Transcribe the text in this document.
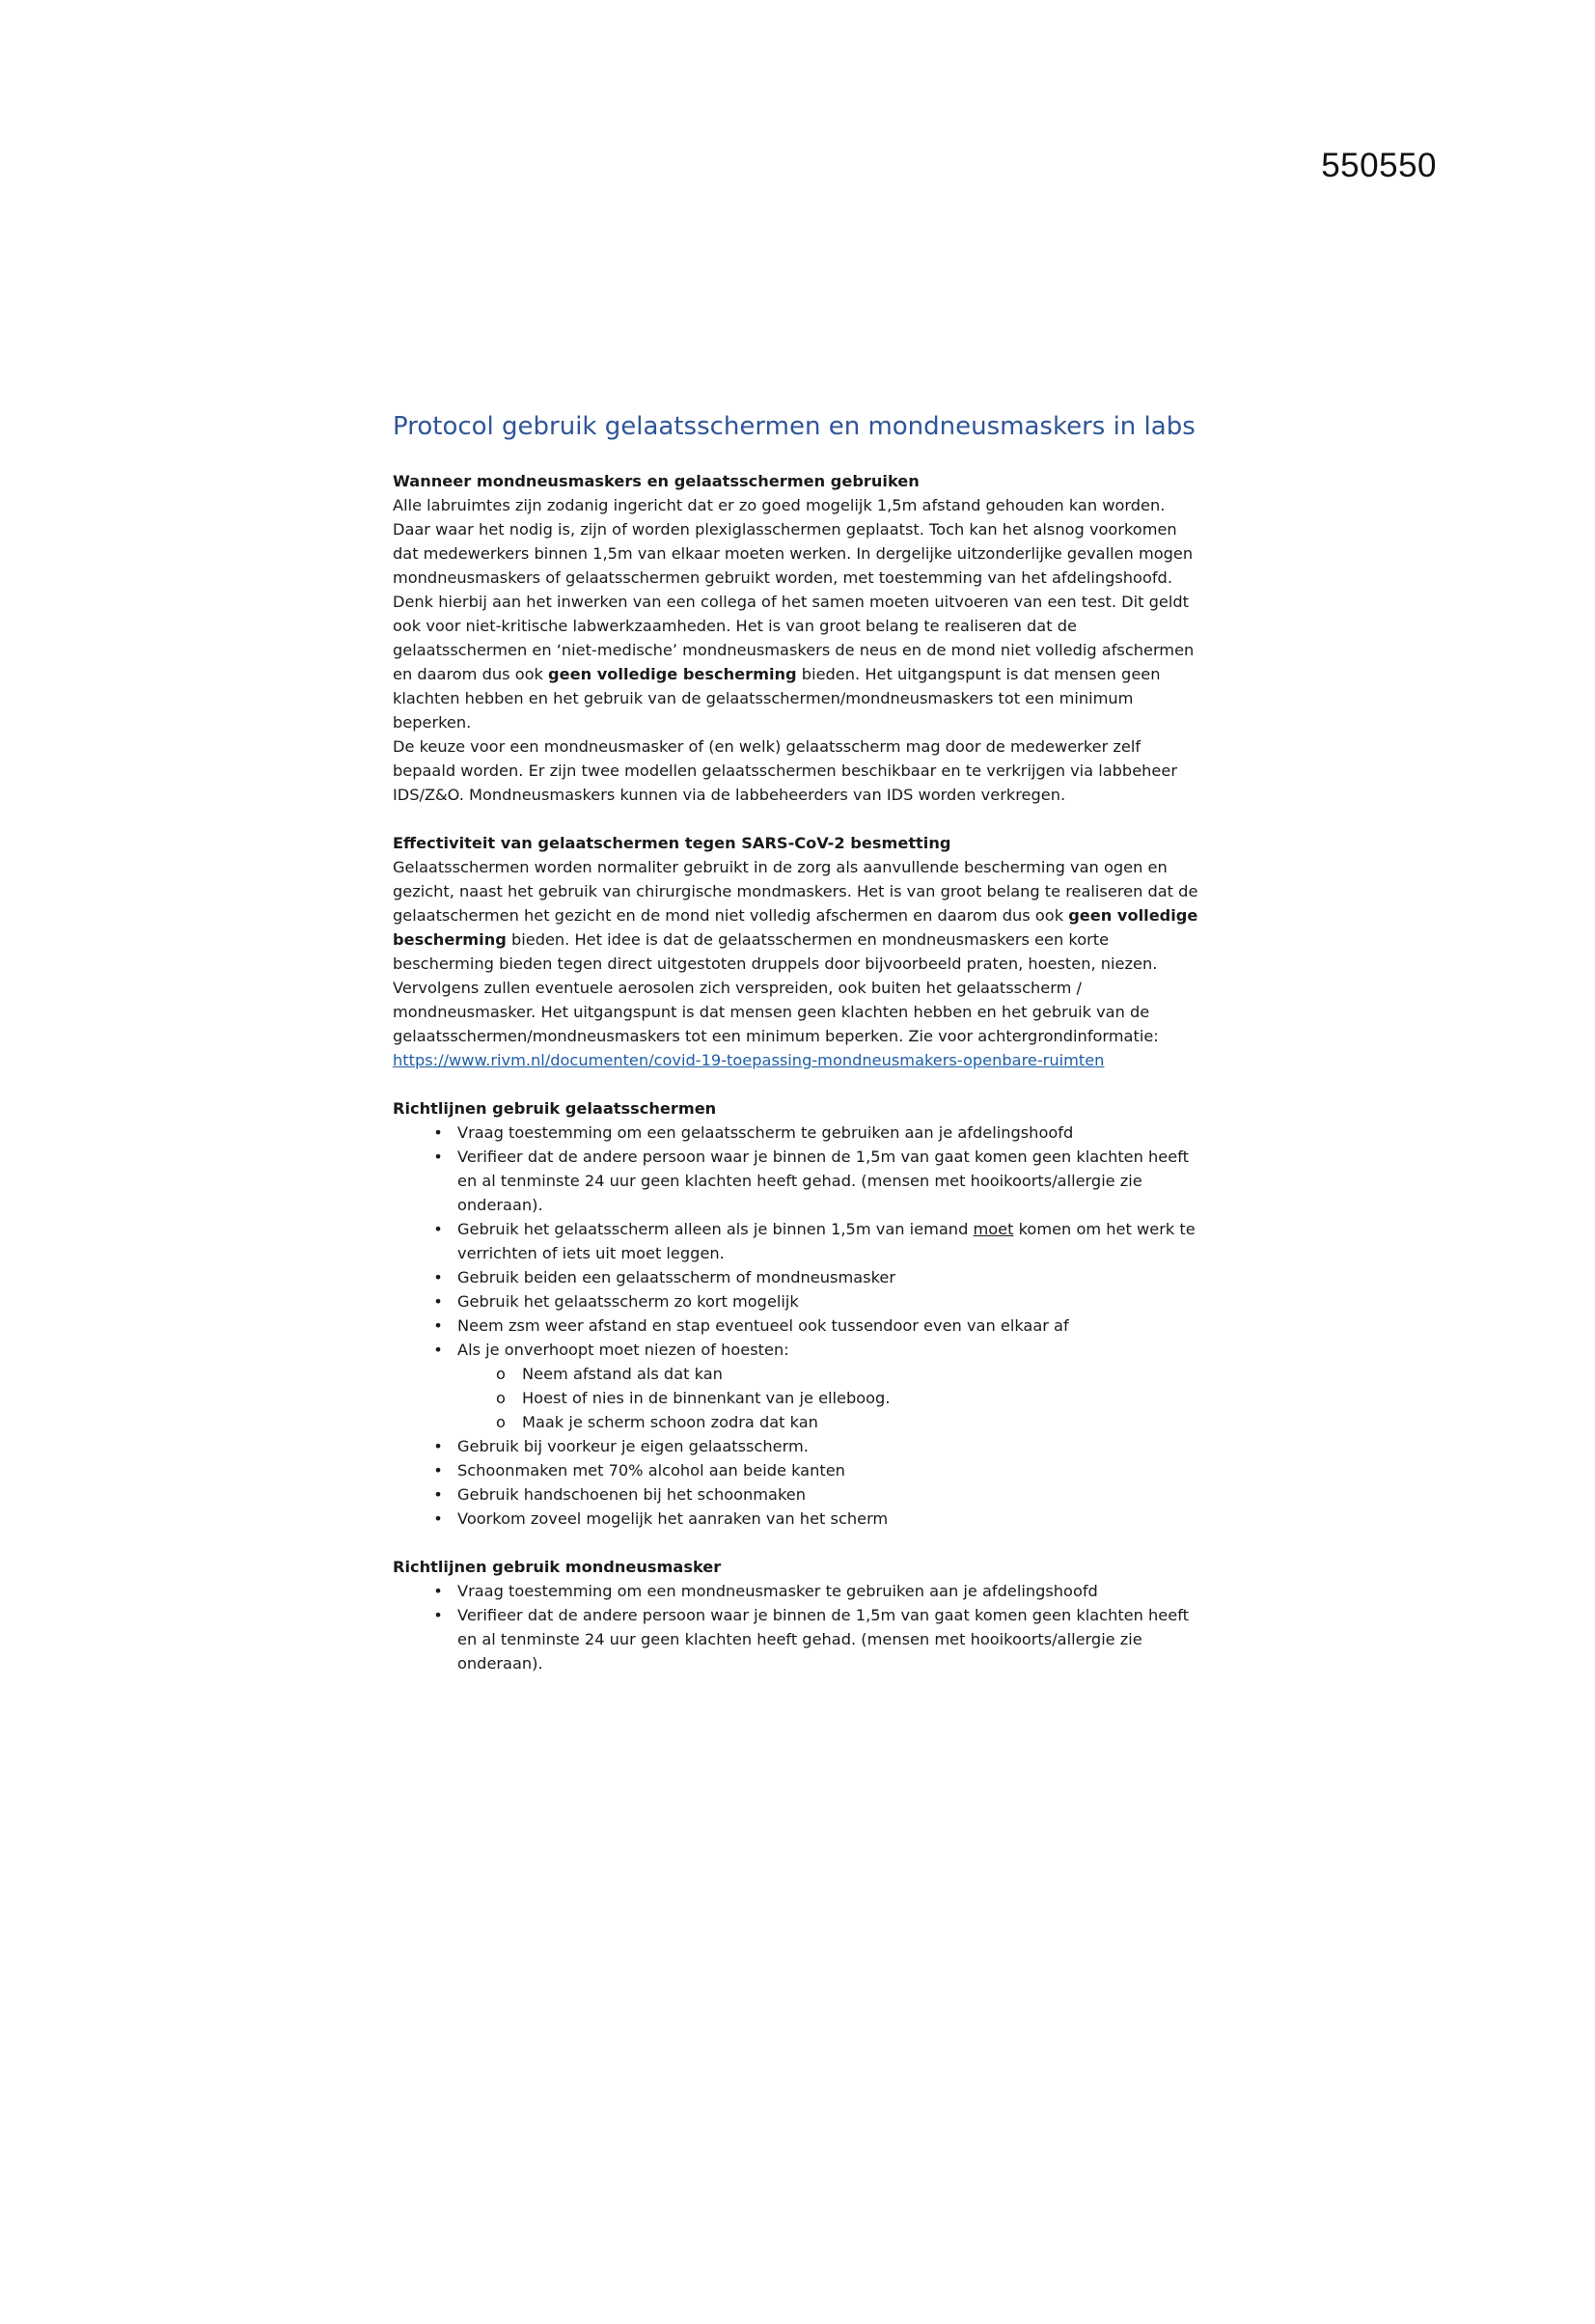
550550
Protocol gebruik gelaatsschermen en mondneusmaskers in labs

Wanneer mondneusmaskers en gelaatsschermen gebruiken

Alle labruimtes zijn zodanig ingericht dat er zo goed mogelijk 1,5m afstand gehouden kan worden. Daar waar het nodig is, zijn of worden plexiglasschermen geplaatst. Toch kan het alsnog voorkomen dat medewerkers binnen 1,5m van elkaar moeten werken. In dergelijke uitzonderlijke gevallen mogen mondneusmaskers of gelaatsschermen gebruikt worden, met toestemming van het afdelingshoofd. Denk hierbij aan het inwerken van een collega of het samen moeten uitvoeren van een test. Dit geldt ook voor niet-kritische labwerkzaamheden. Het is van groot belang te realiseren dat de gelaatsschermen en ‘niet-medische’ mondneusmaskers de neus en de mond niet volledig afschermen en daarom dus ook geen volledige bescherming bieden. Het uitgangspunt is dat mensen geen klachten hebben en het gebruik van de gelaatsschermen/mondneusmaskers tot een minimum beperken.

De keuze voor een mondneusmasker of (en welk) gelaatsscherm mag door de medewerker zelf bepaald worden. Er zijn twee modellen gelaatsschermen beschikbaar en te verkrijgen via labbeheer IDS/Z&O. Mondneusmaskers kunnen via de labbeheerders van IDS worden verkregen.

Effectiviteit van gelaatschermen tegen SARS-CoV-2 besmetting

Gelaatsschermen worden normaliter gebruikt in de zorg als aanvullende bescherming van ogen en gezicht, naast het gebruik van chirurgische mondmaskers. Het is van groot belang te realiseren dat de gelaatschermen het gezicht en de mond niet volledig afschermen en daarom dus ook geen volledige bescherming bieden. Het idee is dat de gelaatsschermen en mondneusmaskers een korte bescherming bieden tegen direct uitgestoten druppels door bijvoorbeeld praten, hoesten, niezen. Vervolgens zullen eventuele aerosolen zich verspreiden, ook buiten het gelaatsscherm / mondneusmasker. Het uitgangspunt is dat mensen geen klachten hebben en het gebruik van de gelaatsschermen/mondneusmaskers tot een minimum beperken. Zie voor achtergrondinformatie:
https://www.rivm.nl/documenten/covid-19-toepassing-mondneusmakers-openbare-ruimten

Richtlijnen gebruik gelaatsschermen

• Vraag toestemming om een gelaatsscherm te gebruiken aan je afdelingshoofd
• Verifieer dat de andere persoon waar je binnen de 1,5m van gaat komen geen klachten heeft en al tenminste 24 uur geen klachten heeft gehad. (mensen met hooikoorts/allergie zie onderaan).
• Gebruik het gelaatsscherm alleen als je binnen 1,5m van iemand moet komen om het werk te verrichten of iets uit moet leggen.
• Gebruik beiden een gelaatsscherm of mondneusmasker
• Gebruik het gelaatsscherm zo kort mogelijk
• Neem zsm weer afstand en stap eventueel ook tussendoor even van elkaar af
• Als je onverhoopt moet niezen of hoesten:
o	Neem afstand als dat kan
o	Hoest of nies in de binnenkant van je elleboog.
o	Maak je scherm schoon zodra dat kan
• Gebruik bij voorkeur je eigen gelaatsscherm.
• Schoonmaken met 70% alcohol aan beide kanten
• Gebruik handschoenen bij het schoonmaken
• Voorkom zoveel mogelijk het aanraken van het scherm

Richtlijnen gebruik mondneusmasker

• Vraag toestemming om een mondneusmasker te gebruiken aan je afdelingshoofd
• Verifieer dat de andere persoon waar je binnen de 1,5m van gaat komen geen klachten heeft en al tenminste 24 uur geen klachten heeft gehad. (mensen met hooikoorts/allergie zie onderaan).
